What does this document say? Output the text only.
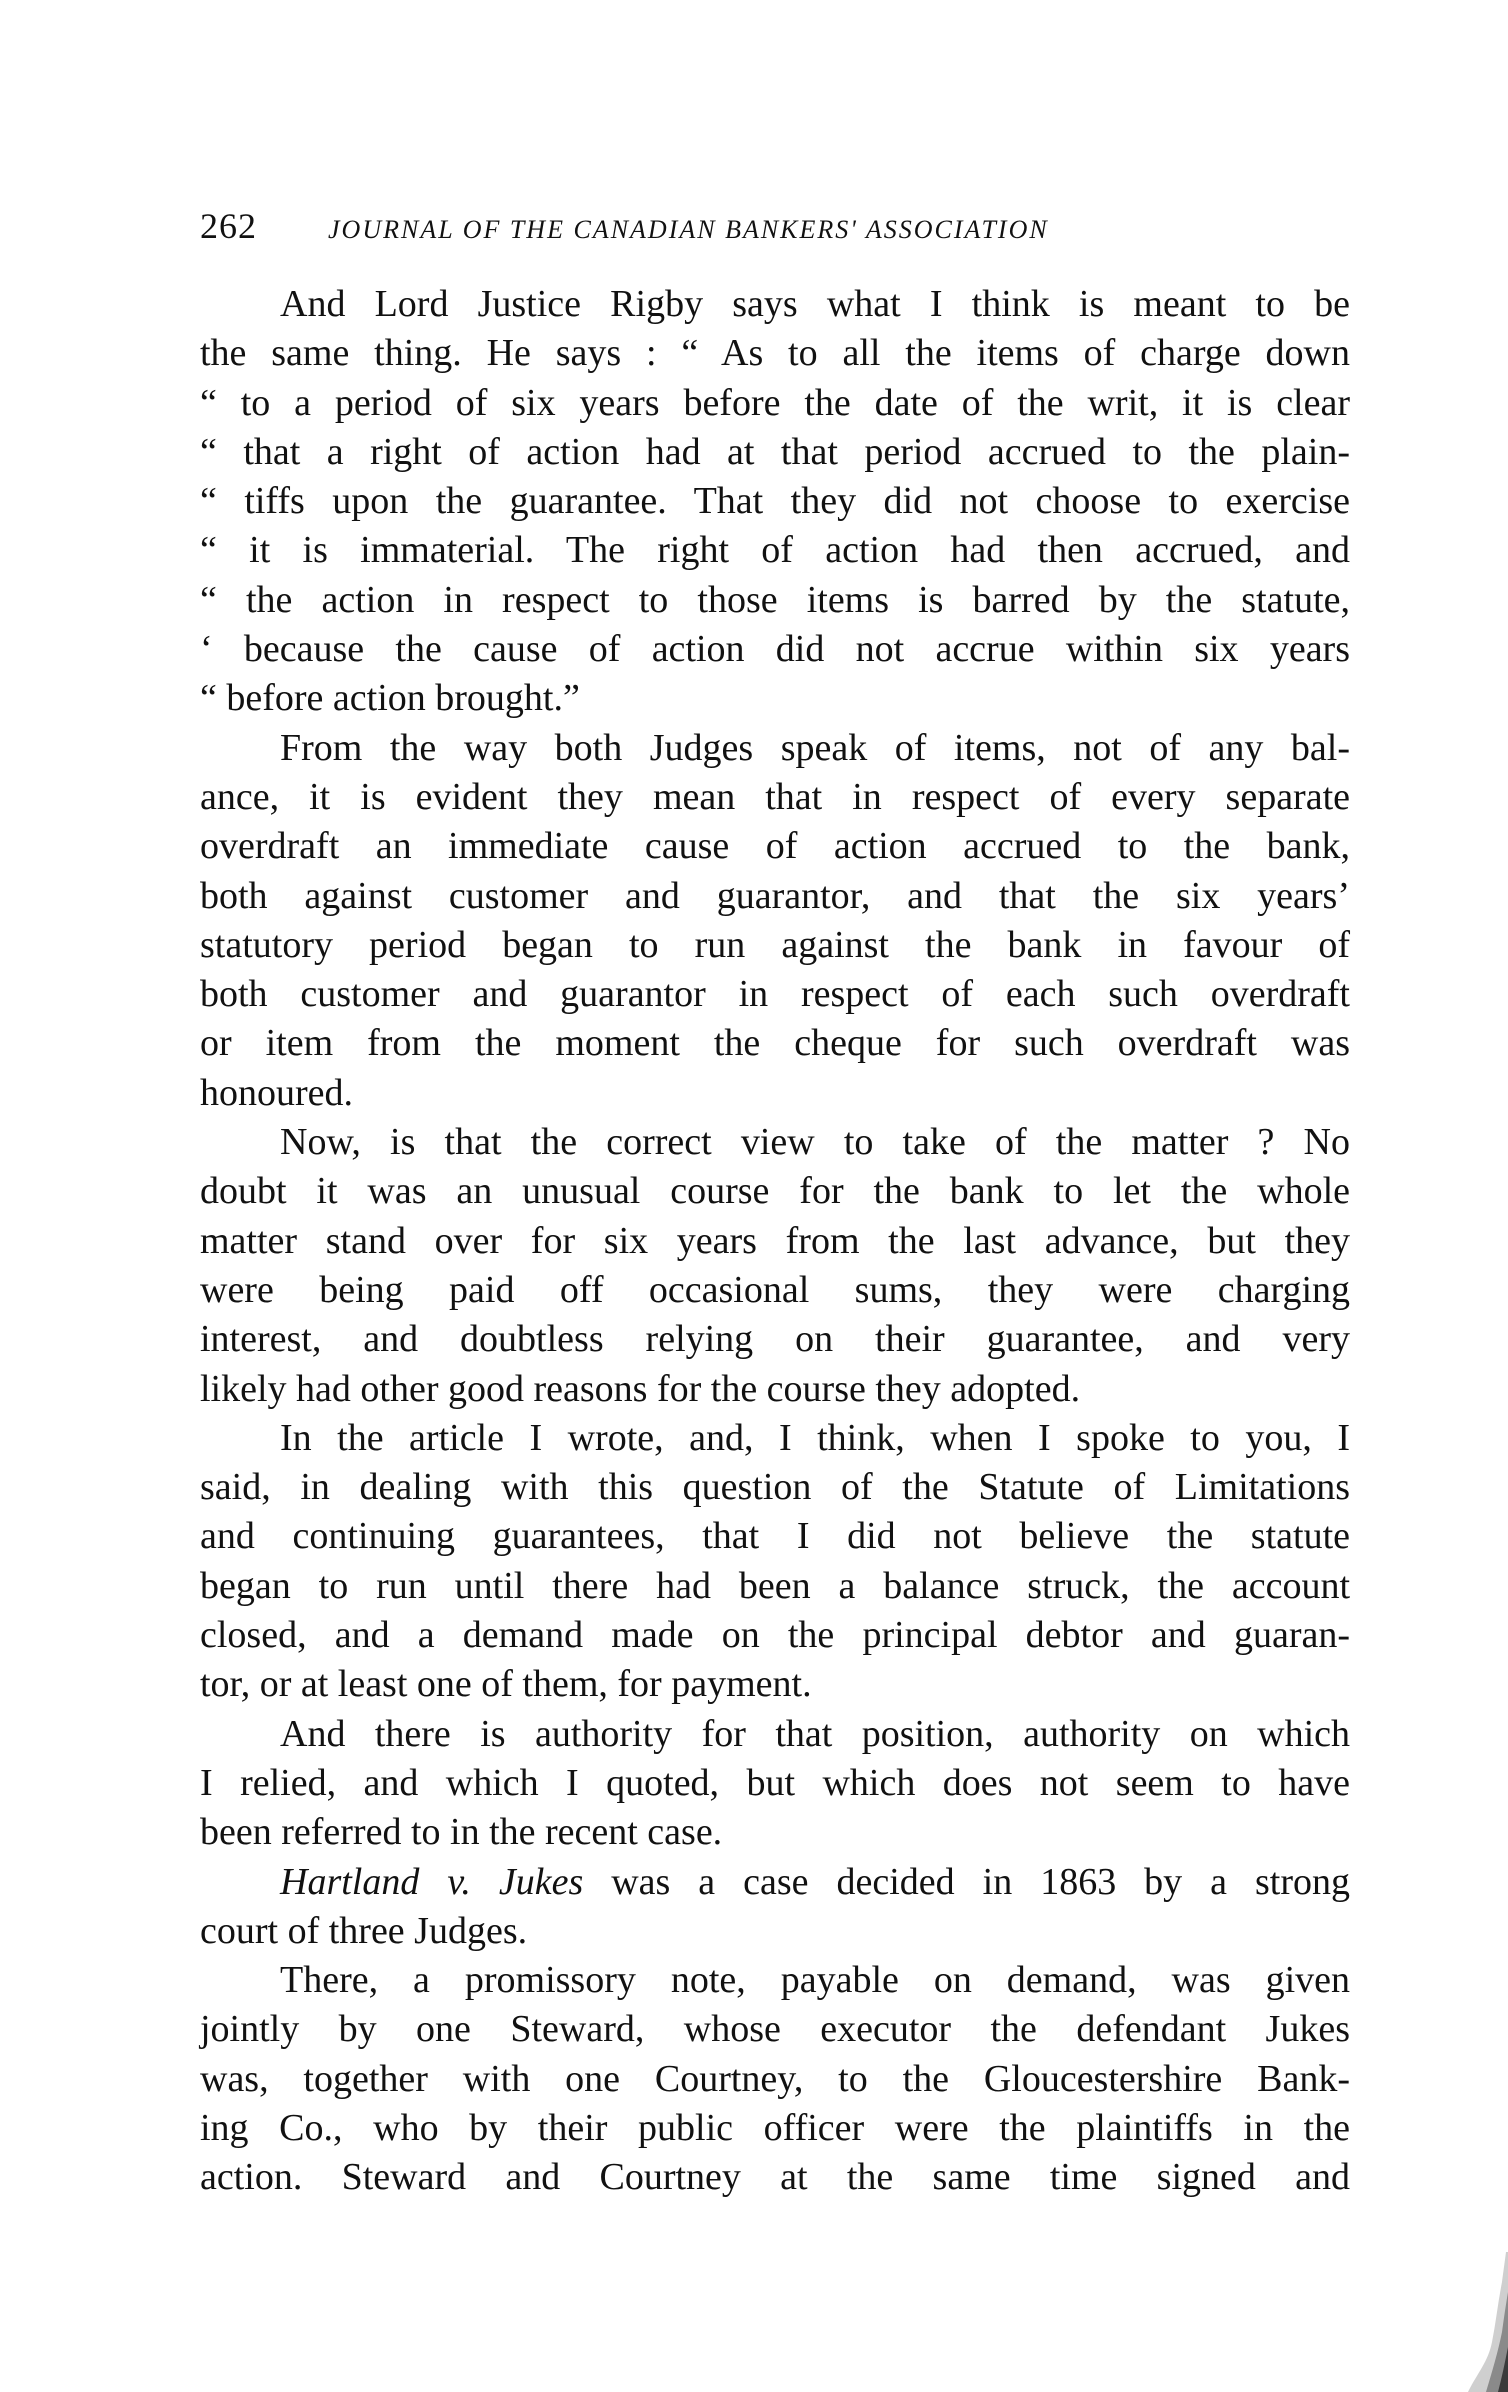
262	JOURNAL OF THE CANADIAN BANKERS' ASSOCIATION
And Lord Justice Rigby says what I think is meant to be
the same thing. He says : “ As to all the items of charge down
“ to a period of six years before the date of the writ, it is clear
“ that a right of action had at that period accrued to the plain-
“ tiffs upon the guarantee. That they did not choose to exercise
“ it is immaterial. The right of action had then accrued, and
“ the action in respect to those items is barred by the statute,
‘ because the cause of action did not accrue within six years
“ before action brought.”
From the way both Judges speak of items, not of any bal-
ance, it is evident they mean that in respect of every separate
overdraft an immediate cause of action accrued to the bank,
both against customer and guarantor, and that the six years’
statutory period began to run against the bank in favour of
both customer and guarantor in respect of each such overdraft
or item from the moment the cheque for such overdraft was
honoured.
Now, is that the correct view to take of the matter ? No
doubt it was an unusual course for the bank to let the whole
matter stand over for six years from the last advance, but they
were being paid off occasional sums, they were charging
interest, and doubtless relying on their guarantee, and very
likely had other good reasons for the course they adopted.
In the article I wrote, and, I think, when I spoke to you, I
said, in dealing with this question of the Statute of Limitations
and continuing guarantees, that I did not believe the statute
began to run until there had been a balance struck, the account
closed, and a demand made on the principal debtor and guaran-
tor, or at least one of them, for payment.
And there is authority for that position, authority on which
I relied, and which I quoted, but which does not seem to have
been referred to in the recent case.
Hartland v. Jukes was a case decided in 1863 by a strong
court of three Judges.
There, a promissory note, payable on demand, was given
jointly by one Steward, whose executor the defendant Jukes
was, together with one Courtney, to the Gloucestershire Bank-
ing Co., who by their public officer were the plaintiffs in the
action. Steward and Courtney at the same time signed and
